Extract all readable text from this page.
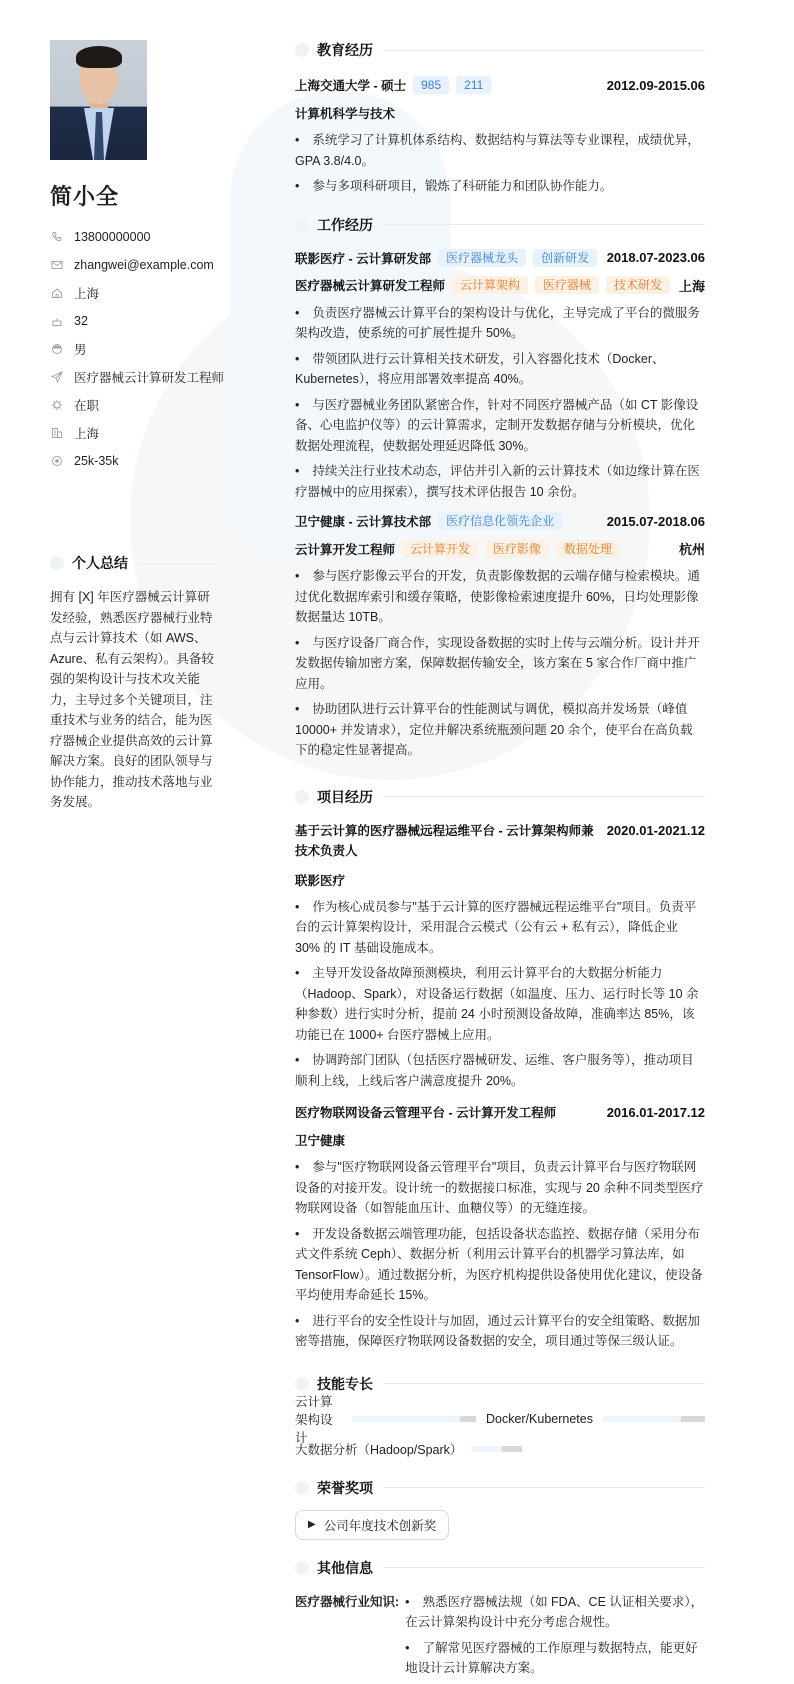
简小全
13800000000
zhangwei@example.com
上海
32
男
医疗器械云计算研发工程师
在职
上海
25k-35k
个人总结

拥有 [X] 年医疗器械云计算研发经验，熟悉医疗器械行业特点与云计算技术（如 AWS、Azure、私有云架构）。具备较强的架构设计与技术攻关能力，主导过多个关键项目，注重技术与业务的结合，能为医疗器械企业提供高效的云计算解决方案。良好的团队领导与协作能力，推动技术落地与业务发展。

教育经历
上海交通大学 - 硕士	985	211	2012.09-2015.06
计算机科学与技术
• 系统学习了计算机体系结构、数据结构与算法等专业课程，成绩优异，GPA 3.8/4.0。
• 参与多项科研项目，锻炼了科研能力和团队协作能力。
工作经历
联影医疗 - 云计算研发部	医疗器械龙头	创新研发	2018.07-2023.06
医疗器械云计算研发工程师	云计算架构	医疗器械	技术研发	上海
• 负责医疗器械云计算平台的架构设计与优化，主导完成了平台的微服务架构改造，使系统的可扩展性提升 50%。
• 带领团队进行云计算相关技术研发，引入容器化技术（Docker、Kubernetes），将应用部署效率提高 40%。
• 与医疗器械业务团队紧密合作，针对不同医疗器械产品（如 CT 影像设备、心电监护仪等）的云计算需求，定制开发数据存储与分析模块，优化数据处理流程，使数据处理延迟降低 30%。
• 持续关注行业技术动态，评估并引入新的云计算技术（如边缘计算在医疗器械中的应用探索），撰写技术评估报告 10 余份。
卫宁健康 - 云计算技术部	医疗信息化领先企业	2015.07-2018.06
云计算开发工程师	云计算开发	医疗影像	数据处理	杭州
• 参与医疗影像云平台的开发，负责影像数据的云端存储与检索模块。通过优化数据库索引和缓存策略，使影像检索速度提升 60%，日均处理影像数据量达 10TB。
• 与医疗设备厂商合作，实现设备数据的实时上传与云端分析。设计并开发数据传输加密方案，保障数据传输安全，该方案在 5 家合作厂商中推广应用。
• 协助团队进行云计算平台的性能测试与调优，模拟高并发场景（峰值 10000+ 并发请求），定位并解决系统瓶颈问题 20 余个，使平台在高负载下的稳定性显著提高。
项目经历
基于云计算的医疗器械远程运维平台 - 云计算架构师兼技术负责人
2020.01-2021.12
联影医疗
• 作为核心成员参与"基于云计算的医疗器械远程运维平台"项目。负责平台的云计算架构设计，采用混合云模式（公有云 + 私有云），降低企业 30% 的 IT 基础设施成本。
• 主导开发设备故障预测模块，利用云计算平台的大数据分析能力（Hadoop、Spark），对设备运行数据（如温度、压力、运行时长等 10 余种参数）进行实时分析，提前 24 小时预测设备故障，准确率达 85%，该功能已在 1000+ 台医疗器械上应用。
• 协调跨部门团队（包括医疗器械研发、运维、客户服务等），推动项目顺利上线，上线后客户满意度提升 20%。
医疗物联网设备云管理平台 - 云计算开发工程师	2016.01-2017.12
卫宁健康
• 参与"医疗物联网设备云管理平台"项目，负责云计算平台与医疗物联网设备的对接开发。设计统一的数据接口标准，实现与 20 余种不同类型医疗物联网设备（如智能血压计、血糖仪等）的无缝连接。
• 开发设备数据云端管理功能，包括设备状态监控、数据存储（采用分布式文件系统 Ceph）、数据分析（利用云计算平台的机器学习算法库，如 TensorFlow）。通过数据分析，为医疗机构提供设备使用优化建议，使设备平均使用寿命延长 15%。
• 进行平台的安全性设计与加固，通过云计算平台的安全组策略、数据加密等措施，保障医疗物联网设备数据的安全，项目通过等保三级认证。
技能专长
云计算架构设计
Docker/Kubernetes
大数据分析（Hadoop/Spark）
荣誉奖项
▶ 公司年度技术创新奖
其他信息
医疗器械行业知识:	• 熟悉医疗器械法规（如 FDA、CE 认证相关要求），在云计算架构设计中充分考虑合规性。
• 了解常见医疗器械的工作原理与数据特点，能更好地设计云计算解决方案。
